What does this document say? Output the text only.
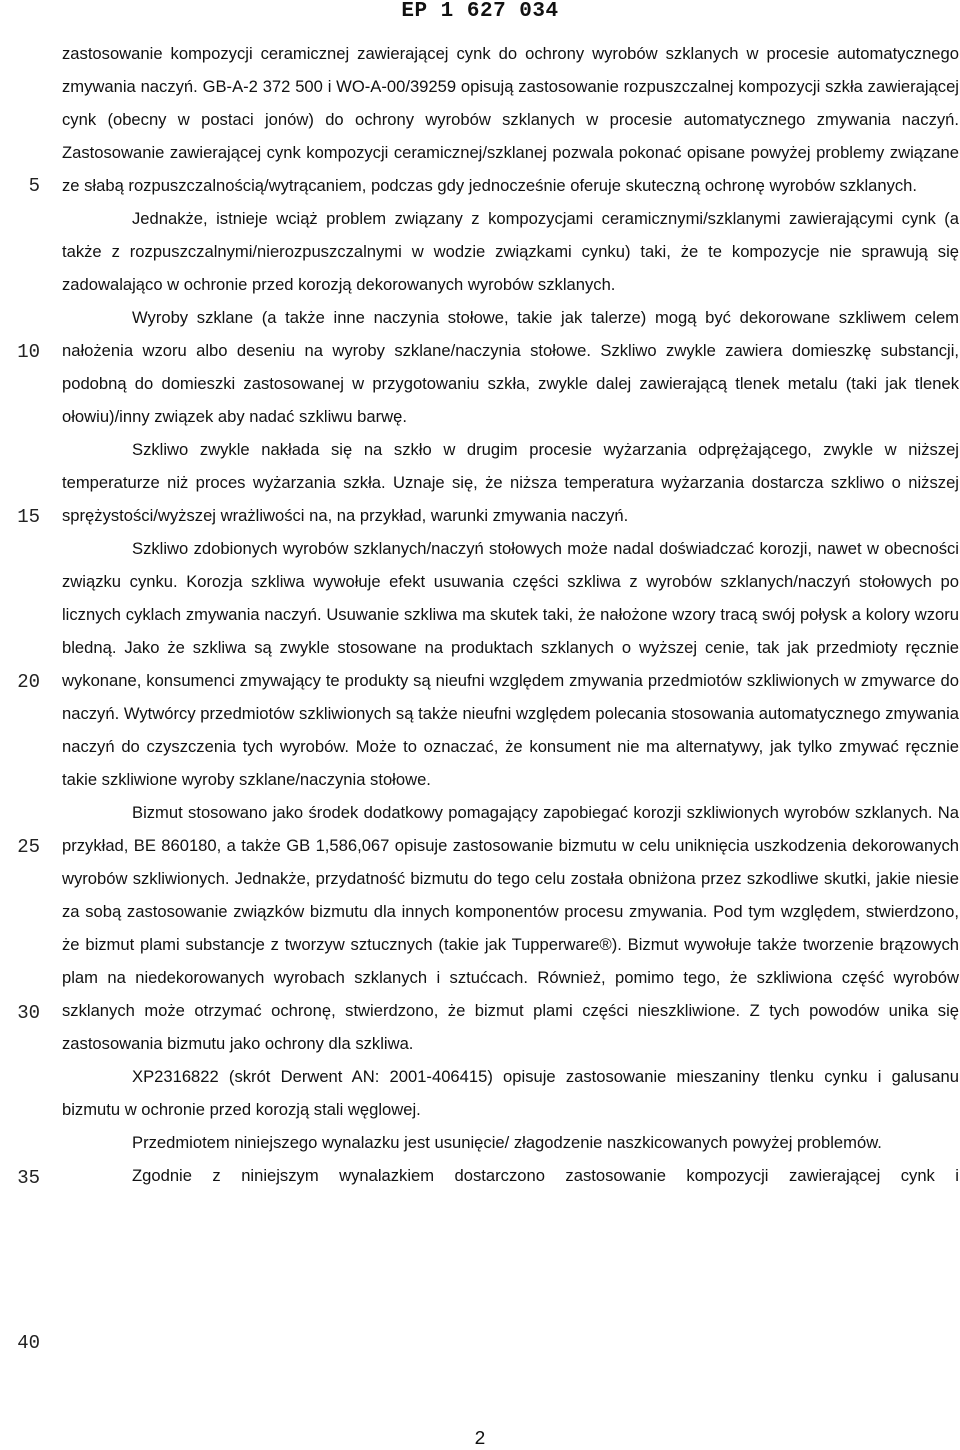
EP 1 627 034
5
10
15
20
25
30
35
40

zastosowanie kompozycji ceramicznej zawierającej cynk do ochrony wyrobów szklanych w procesie automatycznego zmywania naczyń. GB-A-2 372 500 i WO-A-00/39259 opisują zastosowanie rozpuszczalnej kompozycji szkła zawierającej cynk (obecny w postaci jonów) do ochrony wyrobów szklanych w procesie automatycznego zmywania naczyń. Zastosowanie zawierającej cynk kompozycji ceramicznej/szklanej pozwala pokonać opisane powyżej problemy związane ze słabą rozpuszczalnością/wytrącaniem, podczas gdy jednocześnie oferuje skuteczną ochronę wyrobów szklanych.

Jednakże, istnieje wciąż problem związany z kompozycjami ceramicznymi/szklanymi zawierającymi cynk (a także z rozpuszczalnymi/nierozpuszczalnymi w wodzie związkami cynku) taki, że te kompozycje nie sprawują się zadowalająco w ochronie przed korozją dekorowanych wyrobów szklanych.

Wyroby szklane (a także inne naczynia stołowe, takie jak talerze) mogą być dekorowane szkliwem celem nałożenia wzoru albo deseniu na wyroby szklane/naczynia stołowe. Szkliwo zwykle zawiera domieszkę substancji, podobną do domieszki zastosowanej w przygotowaniu szkła, zwykle dalej zawierającą tlenek metalu (taki jak tlenek ołowiu)/inny związek aby nadać szkliwu barwę.

Szkliwo zwykle nakłada się na szkło w drugim procesie wyżarzania odprężającego, zwykle w niższej temperaturze niż proces wyżarzania szkła. Uznaje się, że niższa temperatura wyżarzania dostarcza szkliwo o niższej sprężystości/wyższej wrażliwości na, na przykład, warunki zmywania naczyń.

Szkliwo zdobionych wyrobów szklanych/naczyń stołowych może nadal doświadczać korozji, nawet w obecności związku cynku. Korozja szkliwa wywołuje efekt usuwania części szkliwa z wyrobów szklanych/naczyń stołowych po licznych cyklach zmywania naczyń. Usuwanie szkliwa ma skutek taki, że nałożone wzory tracą swój połysk a kolory wzoru bledną. Jako że szkliwa są zwykle stosowane na produktach szklanych o wyższej cenie, tak jak przedmioty ręcznie wykonane, konsumenci zmywający te produkty są nieufni względem zmywania przedmiotów szkliwionych w zmywarce do naczyń. Wytwórcy przedmiotów szkliwionych są także nieufni względem polecania stosowania automatycznego zmywania naczyń do czyszczenia tych wyrobów. Może to oznaczać, że konsument nie ma alternatywy, jak tylko zmywać ręcznie takie szkliwione wyroby szklane/naczynia stołowe.

Bizmut stosowano jako środek dodatkowy pomagający zapobiegać korozji szkliwionych wyrobów szklanych. Na przykład, BE 860180, a także GB 1,586,067 opisuje zastosowanie bizmutu w celu uniknięcia uszkodzenia dekorowanych wyrobów szkliwionych. Jednakże, przydatność bizmutu do tego celu została obniżona przez szkodliwe skutki, jakie niesie za sobą zastosowanie związków bizmutu dla innych komponentów procesu zmywania. Pod tym względem, stwierdzono, że bizmut plami substancje z tworzyw sztucznych (takie jak Tupperware®). Bizmut wywołuje także tworzenie brązowych plam na niedekorowanych wyrobach szklanych i sztućcach. Również, pomimo tego, że szkliwiona część wyrobów szklanych może otrzymać ochronę, stwierdzono, że bizmut plami części nieszkliwione. Z tych powodów unika się zastosowania bizmutu jako ochrony dla szkliwa.

XP2316822 (skrót Derwent AN: 2001-406415) opisuje zastosowanie mieszaniny tlenku cynku i galusanu bizmutu w ochronie przed korozją stali węglowej.

Przedmiotem niniejszego wynalazku jest usunięcie/ złagodzenie naszkicowanych powyżej problemów.

Zgodnie z niniejszym wynalazkiem dostarczono zastosowanie kompozycji zawierającej cynk i

2
